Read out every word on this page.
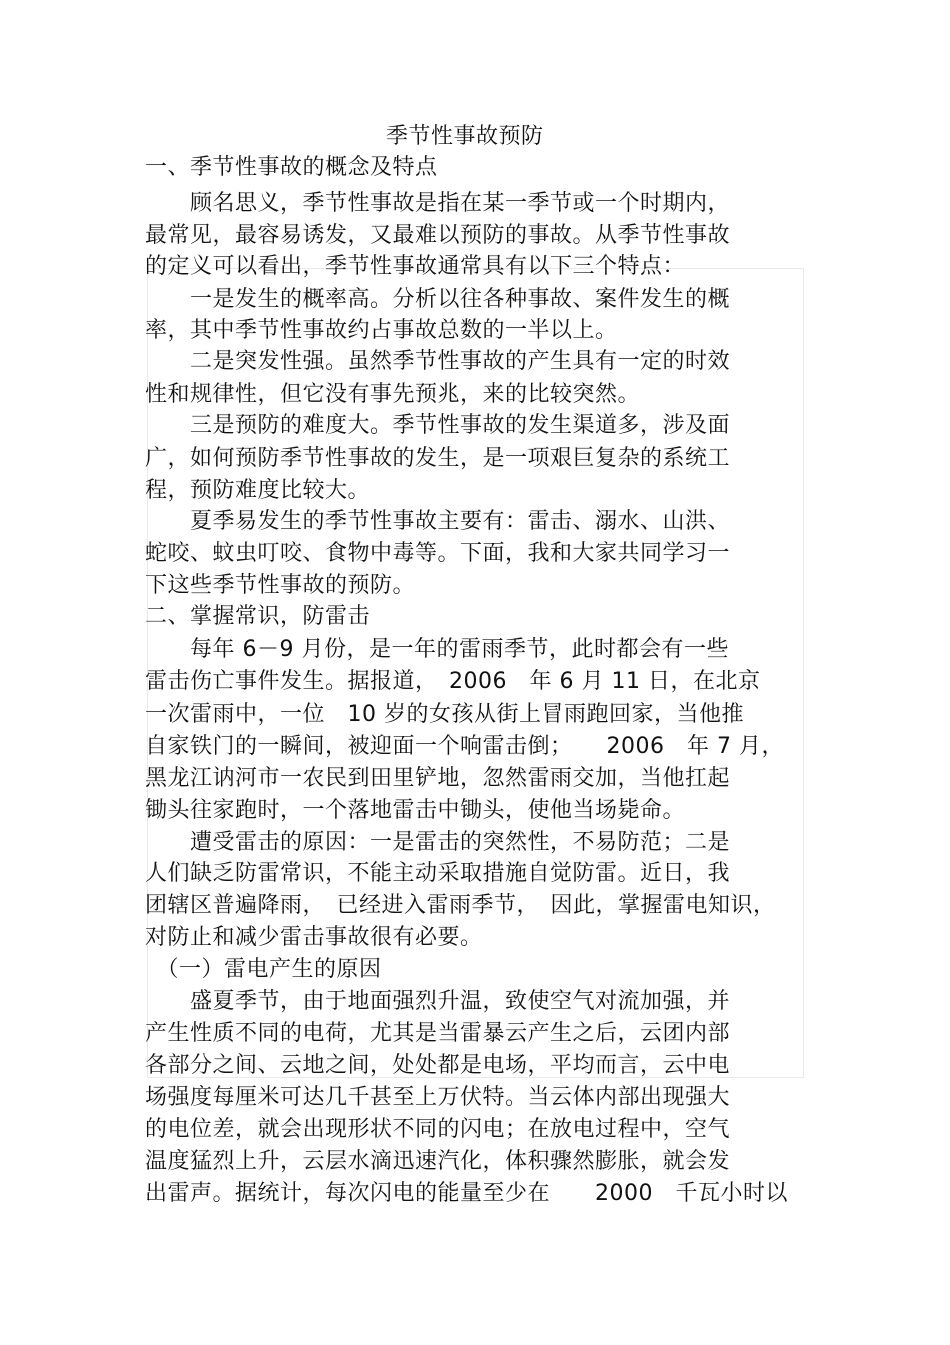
季节性事故预防
一、季节性事故的概念及特点
　　顾名思义，季节性事故是指在某一季节或一个时期内，
最常见，最容易诱发，又最难以预防的事故。从季节性事故
的定义可以看出，季节性事故通常具有以下三个特点：
　　一是发生的概率高。分析以往各种事故、案件发生的概
率，其中季节性事故约占事故总数的一半以上。
　　二是突发性强。虽然季节性事故的产生具有一定的时效
性和规律性，但它没有事先预兆，来的比较突然。
　　三是预防的难度大。季节性事故的发生渠道多，涉及面
广，如何预防季节性事故的发生，是一项艰巨复杂的系统工
程，预防难度比较大。
　　夏季易发生的季节性事故主要有：雷击、溺水、山洪、
蛇咬、蚊虫叮咬、食物中毒等。下面，我和大家共同学习一
下这些季节性事故的预防。
二、掌握常识，防雷击
　　每年 6－9 月份，是一年的雷雨季节，此时都会有一些
雷击伤亡事件发生。据报道，　2006　年 6 月 11 日，在北京
一次雷雨中，一位　10 岁的女孩从街上冒雨跑回家，当他推
自家铁门的一瞬间，被迎面一个响雷击倒；　　2006　年 7 月，
黑龙江讷河市一农民到田里铲地，忽然雷雨交加，当他扛起
锄头往家跑时，一个落地雷击中锄头，使他当场毙命。
　　遭受雷击的原因：一是雷击的突然性，不易防范；二是
人们缺乏防雷常识，不能主动采取措施自觉防雷。近日，我
团辖区普遍降雨，　已经进入雷雨季节，　因此，掌握雷电知识，
对防止和减少雷击事故很有必要。
　（一）雷电产生的原因
　　盛夏季节，由于地面强烈升温，致使空气对流加强，并
产生性质不同的电荷，尤其是当雷暴云产生之后，云团内部
各部分之间、云地之间，处处都是电场，平均而言，云中电
场强度每厘米可达几千甚至上万伏特。当云体内部出现强大
的电位差，就会出现形状不同的闪电；在放电过程中，空气
温度猛烈上升，云层水滴迅速汽化，体积骤然膨胀，就会发
出雷声。据统计，每次闪电的能量至少在　　2000　千瓦小时以
